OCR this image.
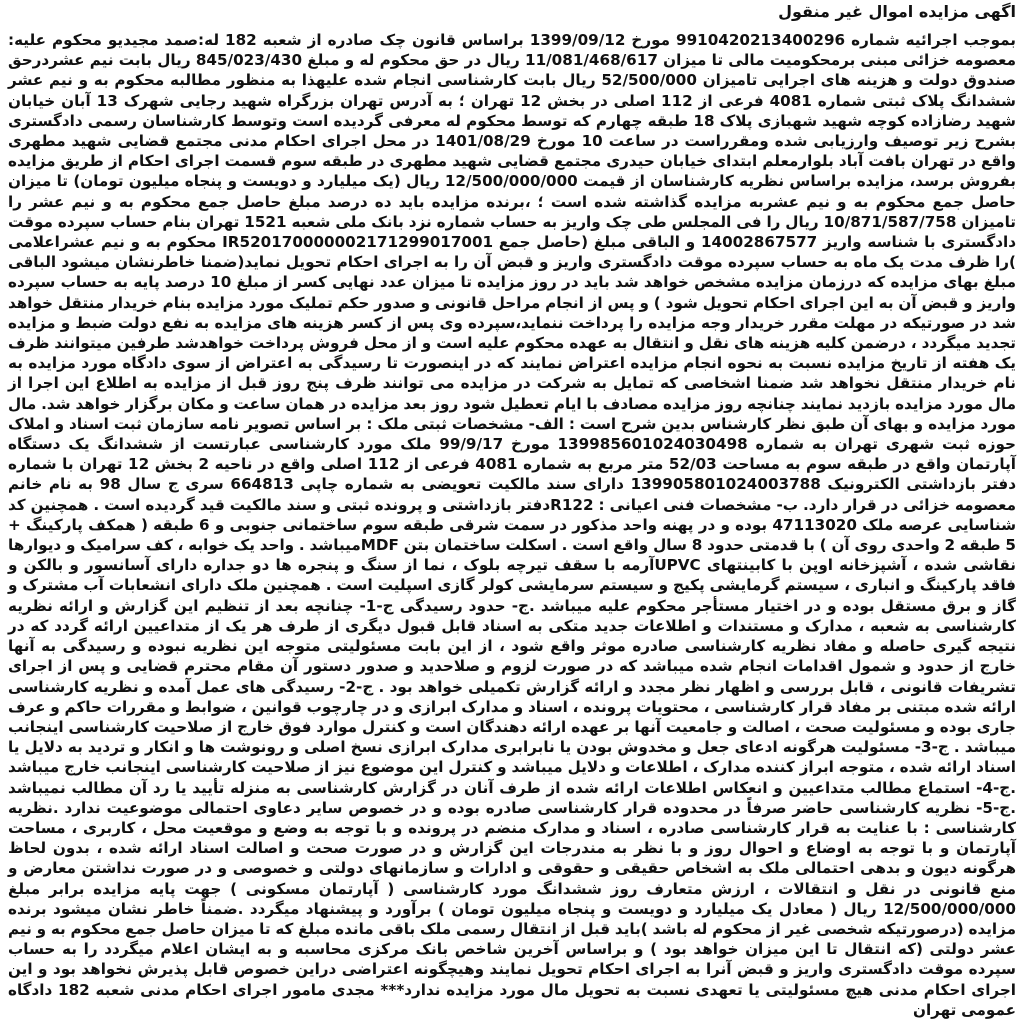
اگهی مزایده اموال غیر منقول

بموجب اجرائیه شماره 9910420213400296 مورخ 1399/09/12 براساس قانون چک صادره از شعبه 182 له:صمد مجیدیو محکوم علیه: معصومه خزائی مبنی برمحکومیت مالی تا میزان 11/081/468/617 ریال در حق محکوم له و مبلغ 845/023/430 ریال بابت نیم عشردرحق صندوق دولت و هزینه های اجرایی تامیزان 52/500/000 ریال بابت کارشناسی انجام شده علیهذا به منظور مطالبه محکوم به و نیم عشر ششدانگ پلاک ثبتی شماره 4081 فرعی از 112 اصلی در بخش 12 تهران ؛ به آدرس تهران بزرگراه شهید رجایی شهرک 13 آبان خیابان شهید رضازاده کوچه شهید شهبازی پلاک 18 طبقه چهارم که توسط محکوم له معرفی گردیده است وتوسط کارشناسان رسمی دادگستری بشرح زیر توصیف وارزیابی شده ومقرراست در ساعت 10 مورخ 1401/08/29 در محل اجرای احکام مدنی مجتمع قضایی شهید مطهری واقع در تهران بافت آباد بلوارمعلم ابتدای خیابان حیدری مجتمع قضایی شهید مطهری در طبقه سوم قسمت اجرای احکام از طریق مزایده بفروش برسد، مزایده براساس نظریه کارشناسان از قیمت 12/500/000/000 ریال (یک میلیارد و دویست و پنجاه میلیون تومان) تا میزان حاصل جمع محکوم به و نیم عشربه مزایده گذاشته شده است ؛ ،برنده مزایده باید ده درصد مبلغ حاصل جمع محکوم به و نیم عشر را تامیزان 10/871/587/758 ریال را فی المجلس طی چک واریز به حساب شماره نزد بانک ملی شعبه 1521 تهران بنام حساب سپرده موقت دادگستری با شناسه واریز 14002867577 و الباقی مبلغ (حاصل جمع IR520170000002171299017001 محکوم به و نیم عشراعلامی )را ظرف مدت یک ماه به حساب سپرده موقت دادگستری واریز و قبض آن را به اجرای احکام تحویل نماید(ضمنا خاطرنشان میشود الباقی مبلغ بهای مزایده که درزمان مزایده مشخص خواهد شد باید در روز مزایده تا میزان عدد نهایی کسر از مبلغ 10 درصد پایه به حساب سپرده واریز و قبض آن به این اجرای احکام تحویل شود ) و پس از انجام مراحل قانونی و صدور حکم تملیک مورد مزایده بنام خریدار منتقل خواهد شد در صورتیکه در مهلت مقرر خریدار وجه مزایده را پرداخت ننماید،سپرده وی پس از کسر هزینه های مزایده به نفع دولت ضبط و مزایده تجدید میگردد ، درضمن کلیه هزینه های نقل و انتقال به عهده محکوم علیه است و از محل فروش پرداخت خواهدشد طرفین میتوانند ظرف یک هفته از تاریخ مزایده نسبت به نحوه انجام مزایده اعتراض نمایند که در اینصورت تا رسیدگی به اعتراض از سوی دادگاه مورد مزایده به نام خریدار منتقل نخواهد شد ضمنا اشخاصی که تمایل به شرکت در مزایده می توانند ظرف پنج روز قبل از مزایده به اطلاع این اجرا از مال مورد مزایده بازدید نمایند چنانچه روز مزایده مصادف با ایام تعطیل شود روز بعد مزایده در همان ساعت و مکان برگزار خواهد شد. مال مورد مزایده و بهای آن طبق نظر کارشناس بدین شرح است : الف- مشخصات ثبتی ملک : بر اساس تصویر نامه سازمان ثبت اسناد و املاک حوزه ثبت شهری تهران به شماره 139985601024030498 مورخ 99/9/17 ملک مورد کارشناسی عبارتست از ششدانگ یک دستگاه آپارتمان واقع در طبقه سوم به مساحت 52/03 متر مربع به شماره 4081 فرعی از 112 اصلی واقع در ناحیه 2 بخش 12 تهران با شماره دفتر بازداشتی الکترونیک 139905801024003788 دارای سند مالکیت تعویضی به شماره چاپی 664813 سری ج سال 98 به نام خانم معصومه خزائی در قرار دارد. ب- مشخصات فنی اعیانی : R122دفتر بازداشتی و پرونده ثبتی و سند مالکیت قید گردیده است . همچنین کد شناسایی عرصه ملک 47113020 بوده و در پهنه واحد مذکور در سمت شرقی طبقه سوم ساختمانی جنوبی و 6 طبقه ( همکف پارکینگ + 5 طبقه 2 واحدی روی آن ) با قدمتی حدود 8 سال واقع است . اسکلت ساختمان بتن MDFمیباشد . واحد یک خوابه ، کف سرامیک و دیوارها نقاشی شده ، آشپزخانه اوپن با کابینتهای UPVCآرمه با سقف تیرچه بلوک ، نما از سنگ و پنجره ها دو جداره دارای آسانسور و بالکن و فاقد پارکینگ و انباری ، سیستم گرمایشی پکیج و سیستم سرمایشی کولر گازی اسپلیت است . همچنین ملک دارای انشعابات آب مشترک و گاز و برق مستقل بوده و در اختیار مستأجر محکوم علیه میباشد .ج- حدود رسیدگی ج-1- چنانچه بعد از تنظیم این گزارش و ارائه نظریه کارشناسی به شعبه ، مدارک و مستندات و اطلاعات جدید متکی به اسناد قابل قبول دیگری از طرف هر یک از متداعیین ارائه گردد که در نتیجه گیری حاصله و مفاد نظریه کارشناسی صادره موثر واقع شود ، از این بابت مسئولیتی متوجه این نظریه نبوده و رسیدگی به آنها خارج از حدود و شمول اقدامات انجام شده میباشد که در صورت لزوم و صلاحدید و صدور دستور آن مقام محترم قضایی و پس از اجرای تشریفات قانونی ، قابل بررسی و اظهار نظر مجدد و ارائه گزارش تکمیلی خواهد بود . ج-2- رسیدگی های عمل آمده و نظریه کارشناسی ارائه شده مبتنی بر مفاد قرار کارشناسی ، محتویات پرونده ، اسناد و مدارک ابرازی و در چارچوب قوانین ، ضوابط و مقررات حاکم و عرف جاری بوده و مسئولیت صحت ، اصالت و جامعیت آنها بر عهده ارائه دهندگان است و کنترل موارد فوق خارج از صلاحیت کارشناسی اینجانب میباشد . ج-3- مسئولیت هرگونه ادعای جعل و مخدوش بودن یا نابرابری مدارک ابرازی نسخ اصلی و رونوشت ها و انکار و تردید به دلایل یا اسناد ارائه شده ، متوجه ابراز کننده مدارک ، اطلاعات و دلایل میباشد و کنترل این موضوع نیز از صلاحیت کارشناسی اینجانب خارج میباشد .ج-4- استماع مطالب متداعیین و انعکاس اطلاعات ارائه شده از طرف آنان در گزارش کارشناسی به منزله تأیید یا رد آن مطالب نمیباشد .ج-5- نظریه کارشناسی حاضر صرفاً در محدوده قرار کارشناسی صادره بوده و در خصوص سایر دعاوی احتمالی موضوعیت ندارد .نظریه کارشناسی : با عنایت به قرار کارشناسی صادره ، اسناد و مدارک منضم در پرونده و با توجه به وضع و موقعیت محل ، کاربری ، مساحت آپارتمان و با توجه به اوضاع و احوال روز و با نظر به مندرجات این گزارش و در صورت صحت و اصالت اسناد ارائه شده ، بدون لحاظ هرگونه دیون و بدهی احتمالی ملک به اشخاص حقیقی و حقوقی و ادارات و سازمانهای دولتی و خصوصی و در صورت نداشتن معارض و منع قانونی در نقل و انتقالات ، ارزش متعارف روز ششدانگ مورد کارشناسی ( آپارتمان مسکونی ) جهت پایه مزایده برابر مبلغ 12/500/000/000 ریال ( معادل یک میلیارد و دویست و پنجاه میلیون تومان ) برآورد و پیشنهاد میگردد .ضمناً خاطر نشان میشود برنده مزایده (درصورتیکه شخصی غیر از محکوم له باشد )باید قبل از انتقال رسمی ملک باقی مانده مبلغ که تا میزان حاصل جمع محکوم به و نیم عشر دولتی (که انتقال تا این میزان خواهد بود ) و براساس آخرین شاخص بانک مرکزی محاسبه و به ایشان اعلام میگردد را به حساب سپرده موقت دادگستری واریز و قبض آنرا به اجرای احکام تحویل نمایند وهیچگونه اعتراضی دراین خصوص قابل پذیرش نخواهد بود و این اجرای احکام مدنی هیچ مسئولیتی یا تعهدی نسبت به تحویل مال مورد مزایده ندارد*** مجدی مامور اجرای احکام مدنی شعبه 182 دادگاه عمومی تهران
